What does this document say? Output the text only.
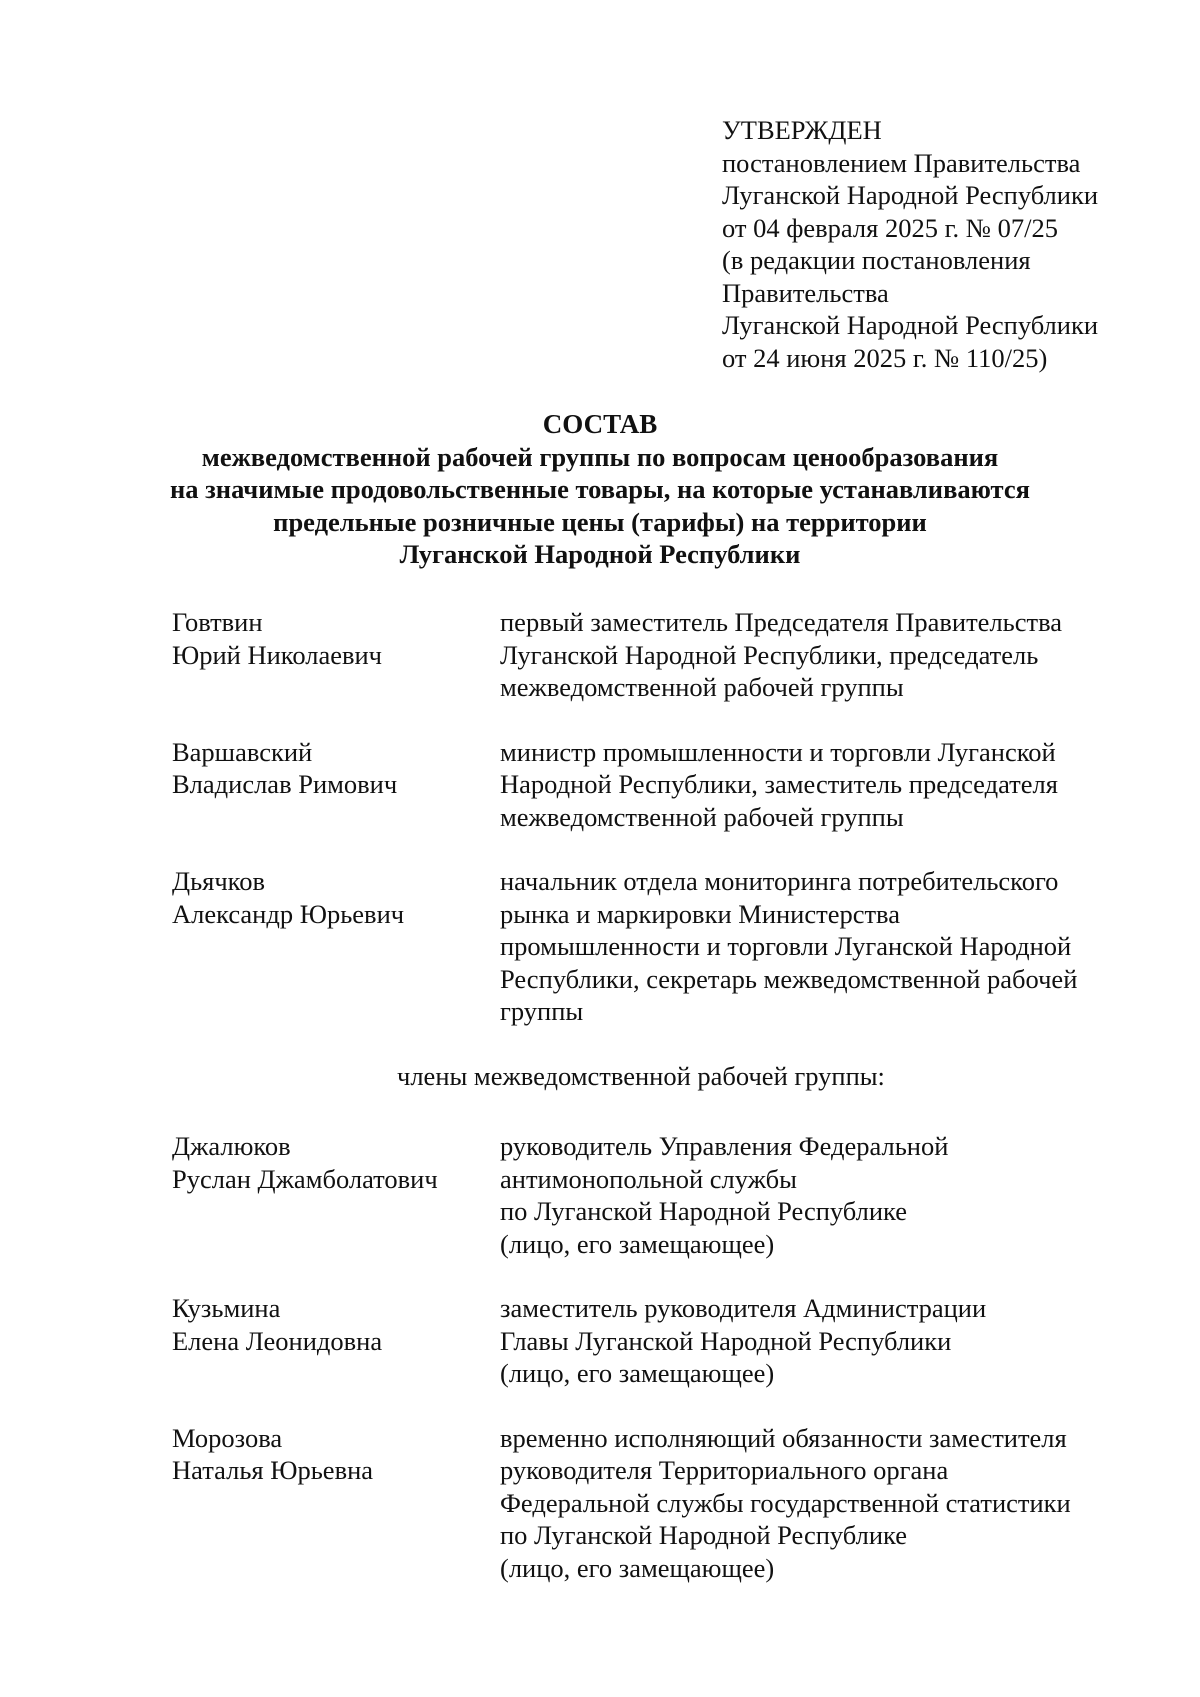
УТВЕРЖДЕН
постановлением Правительства
Луганской Народной Республики
от 04 февраля 2025 г. № 07/25
(в редакции постановления
Правительства
Луганской Народной Республики
от 24 июня 2025 г. № 110/25)
СОСТАВ
межведомственной рабочей группы по вопросам ценообразования
на значимые продовольственные товары, на которые устанавливаются
предельные розничные цены (тарифы) на территории
Луганской Народной Республики
Говтвин
Юрий Николаевич
первый заместитель Председателя Правительства
Луганской Народной Республики, председатель
межведомственной рабочей группы
Варшавский
Владислав Римович
министр промышленности и торговли Луганской
Народной Республики, заместитель председателя
межведомственной рабочей группы
Дьячков
Александр Юрьевич
начальник отдела мониторинга потребительского
рынка и маркировки Министерства
промышленности и торговли Луганской Народной
Республики, секретарь межведомственной рабочей
группы
члены межведомственной рабочей группы:
Джалюков
Руслан Джамболатович
руководитель Управления Федеральной
антимонопольной службы
по Луганской Народной Республике
(лицо, его замещающее)
Кузьмина
Елена Леонидовна
заместитель руководителя Администрации
Главы Луганской Народной Республики
(лицо, его замещающее)
Морозова
Наталья Юрьевна
временно исполняющий обязанности заместителя
руководителя Территориального органа
Федеральной службы государственной статистики
по Луганской Народной Республике
(лицо, его замещающее)
